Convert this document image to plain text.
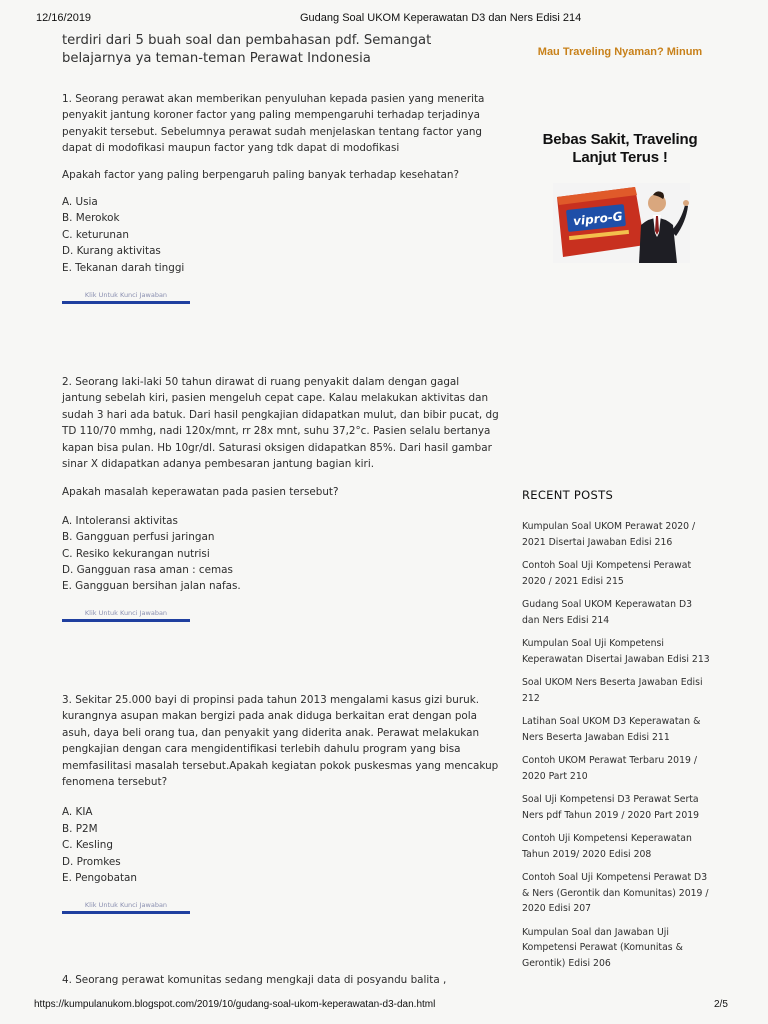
12/16/2019	Gudang Soal UKOM Keperawatan D3 dan Ners Edisi 214

terdiri dari 5 buah soal dan pembahasan pdf. Semangat belajarnya ya teman-teman Perawat Indonesia

1. Seorang perawat akan memberikan penyuluhan kepada pasien yang menerita penyakit jantung koroner factor yang paling mempengaruhi terhadap terjadinya penyakit tersebut. Sebelumnya perawat sudah menjelaskan tentang factor yang dapat di modofikasi maupun factor yang tdk dapat di modofikasi

Apakah factor yang paling berpengaruh paling banyak terhadap kesehatan?

A. Usia
B. Merokok
C. keturunan
D. Kurang aktivitas
E. Tekanan darah tinggi
Klik Untuk Kunci Jawaban

2. Seorang laki-laki 50 tahun dirawat di ruang penyakit dalam dengan gagal jantung sebelah kiri, pasien mengeluh cepat cape. Kalau melakukan aktivitas dan sudah 3 hari ada batuk. Dari hasil pengkajian didapatkan mulut, dan bibir pucat, dg TD 110/70 mmhg, nadi 120x/mnt, rr 28x mnt, suhu 37,2°c. Pasien selalu bertanya kapan bisa pulan. Hb 10gr/dl. Saturasi oksigen didapatkan 85%. Dari hasil gambar sinar X didapatkan adanya pembesaran jantung bagian kiri.

Apakah masalah keperawatan pada pasien tersebut?

A. Intoleransi aktivitas
B. Gangguan perfusi jaringan
C. Resiko kekurangan nutrisi
D. Gangguan rasa aman : cemas
E. Gangguan bersihan jalan nafas.
Klik Untuk Kunci Jawaban

3. Sekitar 25.000 bayi di propinsi pada tahun 2013 mengalami kasus gizi buruk. kurangnya asupan makan bergizi pada anak diduga berkaitan erat dengan pola asuh, daya beli orang tua, dan penyakit yang diderita anak. Perawat melakukan pengkajian dengan cara mengidentifikasi terlebih dahulu program yang bisa memfasilitasi masalah tersebut.Apakah kegiatan pokok puskesmas yang mencakup fenomena tersebut?

A. KIA
B. P2M
C. Kesling
D. Promkes
E. Pengobatan
Klik Untuk Kunci Jawaban

4. Seorang perawat komunitas sedang mengkaji data di posyandu balita ,

Mau Traveling Nyaman? Minum
Bebas Sakit, Traveling Lanjut Terus !
vipro-G
RECENT POSTS
Kumpulan Soal UKOM Perawat 2020 / 2021 Disertai Jawaban Edisi 216
Contoh Soal Uji Kompetensi Perawat 2020 / 2021 Edisi 215
Gudang Soal UKOM Keperawatan D3 dan Ners Edisi 214
Kumpulan Soal Uji Kompetensi Keperawatan Disertai Jawaban Edisi 213
Soal UKOM Ners Beserta Jawaban Edisi 212
Latihan Soal UKOM D3 Keperawatan & Ners Beserta Jawaban Edisi 211
Contoh UKOM Perawat Terbaru 2019 / 2020 Part 210
Soal Uji Kompetensi D3 Perawat Serta Ners pdf Tahun 2019 / 2020 Part 2019
Contoh Uji Kompetensi Keperawatan Tahun 2019/ 2020 Edisi 208
Contoh Soal Uji Kompetensi Perawat D3 & Ners (Gerontik dan Komunitas) 2019 / 2020 Edisi 207
Kumpulan Soal dan Jawaban Uji Kompetensi Perawat (Komunitas & Gerontik) Edisi 206
https://kumpulanukom.blogspot.com/2019/10/gudang-soal-ukom-keperawatan-d3-dan.html	2/5
